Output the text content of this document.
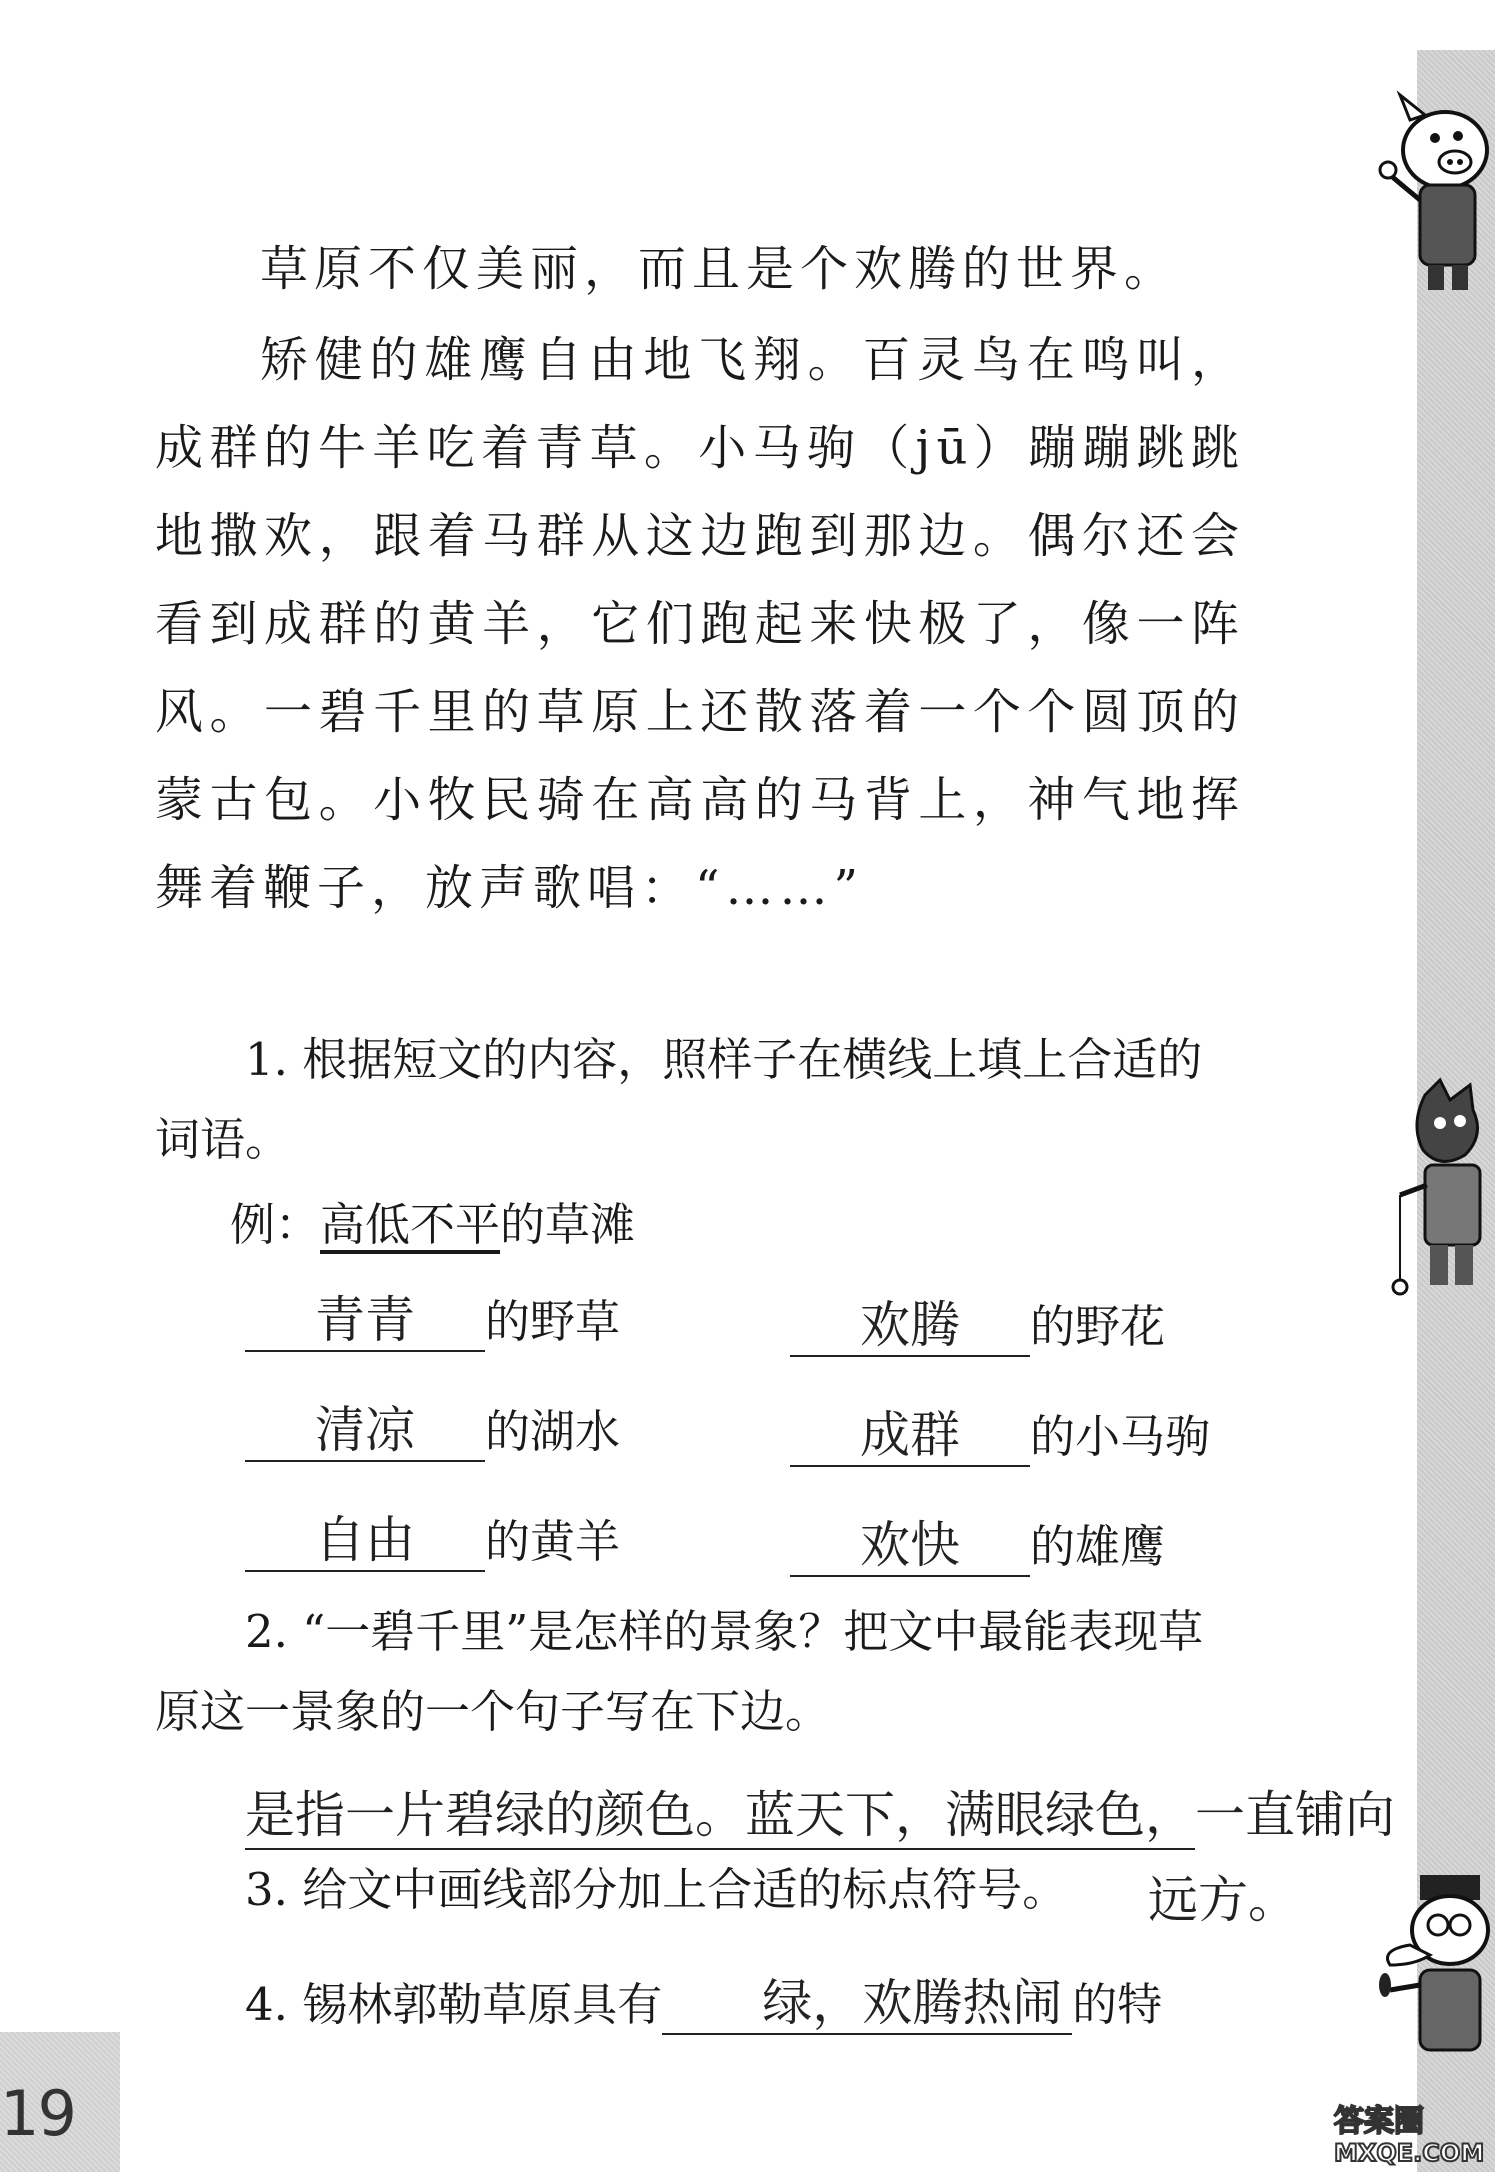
草原不仅美丽，而且是个欢腾的世界。

矫健的雄鹰自由地飞翔。百灵鸟在鸣叫，成群的牛羊吃着青草。小马驹（jū）蹦蹦跳跳地撒欢，跟着马群从这边跑到那边。偶尔还会看到成群的黄羊，它们跑起来快极了，像一阵风。一碧千里的草原上还散落着一个个圆顶的蒙古包。小牧民骑在高高的马背上，神气地挥舞着鞭子，放声歌唱：“……”

1. 根据短文的内容，照样子在横线上填上合适的词语。

例：高低不平的草滩
青青 的野草	欢腾 的野花
清凉 的湖水	成群 的小马驹
自由 的黄羊	欢快 的雄鹰

2. “一碧千里”是怎样的景象？把文中最能表现草原这一景象的一个句子写在下边。

是指一片碧绿的颜色。蓝天下，满眼绿色，一直铺向

3. 给文中画线部分加上合适的标点符号。	远方。
4. 锡林郭勒草原具有 绿，欢腾热闹 的特
19	答案圈
MXQE.COM
